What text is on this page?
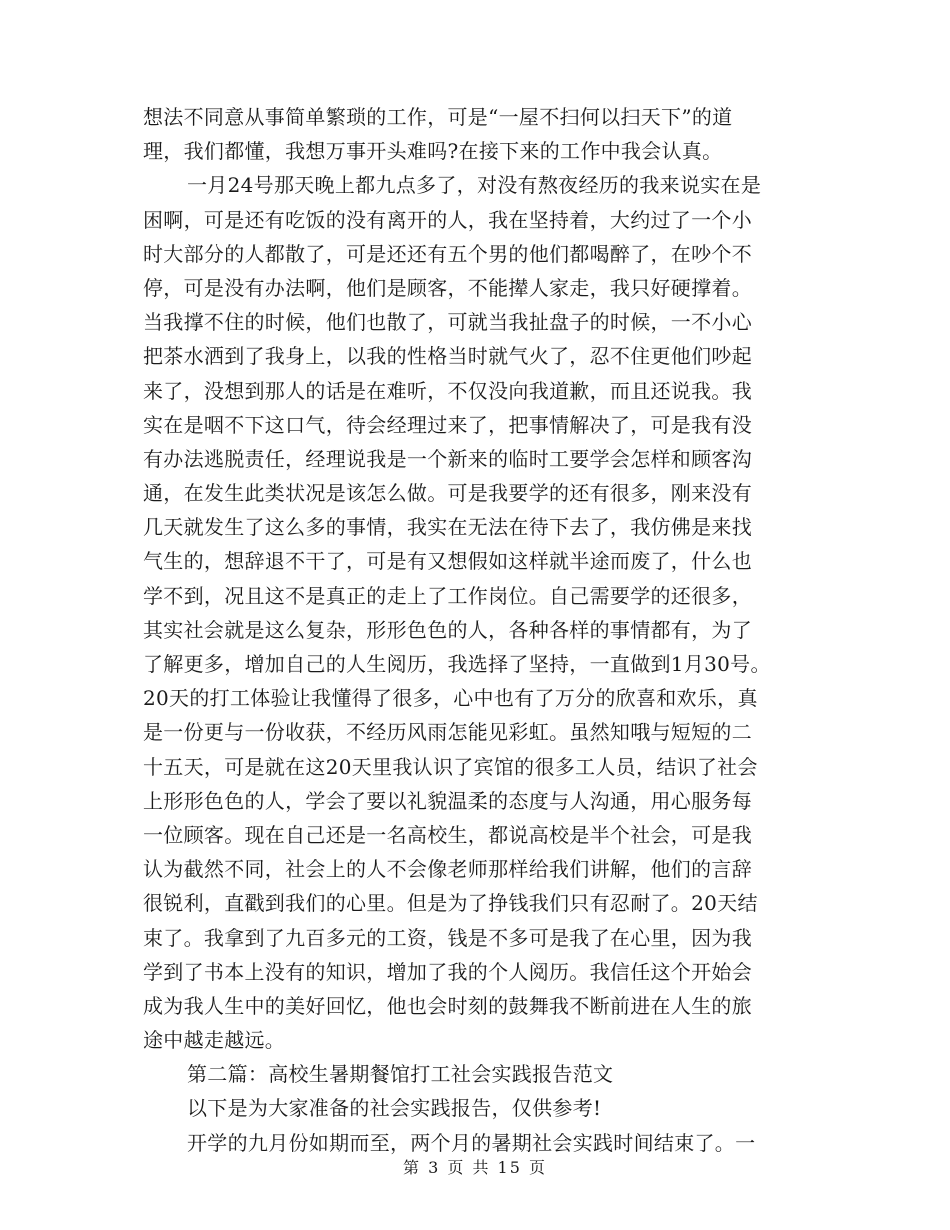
想法不同意从事简单繁琐的工作，可是“一屋不扫何以扫天下”的道
理，我们都懂，我想万事开头难吗?在接下来的工作中我会认真。
一月24号那天晚上都九点多了，对没有熬夜经历的我来说实在是
困啊，可是还有吃饭的没有离开的人，我在坚持着，大约过了一个小
时大部分的人都散了，可是还还有五个男的他们都喝醉了，在吵个不
停，可是没有办法啊，他们是顾客，不能撵人家走，我只好硬撑着。
当我撑不住的时候，他们也散了，可就当我扯盘子的时候，一不小心
把茶水洒到了我身上，以我的性格当时就气火了，忍不住更他们吵起
来了，没想到那人的话是在难听，不仅没向我道歉，而且还说我。我
实在是咽不下这口气，待会经理过来了，把事情解决了，可是我有没
有办法逃脱责任，经理说我是一个新来的临时工要学会怎样和顾客沟
通，在发生此类状况是该怎么做。可是我要学的还有很多，刚来没有
几天就发生了这么多的事情，我实在无法在待下去了，我仿佛是来找
气生的，想辞退不干了，可是有又想假如这样就半途而废了，什么也
学不到，况且这不是真正的走上了工作岗位。自己需要学的还很多，
其实社会就是这么复杂，形形色色的人，各种各样的事情都有，为了
了解更多，增加自己的人生阅历，我选择了坚持，一直做到1月30号。
20天的打工体验让我懂得了很多，心中也有了万分的欣喜和欢乐，真
是一份更与一份收获，不经历风雨怎能见彩虹。虽然知哦与短短的二
十五天，可是就在这20天里我认识了宾馆的很多工人员，结识了社会
上形形色色的人，学会了要以礼貌温柔的态度与人沟通，用心服务每
一位顾客。现在自己还是一名高校生，都说高校是半个社会，可是我
认为截然不同，社会上的人不会像老师那样给我们讲解，他们的言辞
很锐利，直戳到我们的心里。但是为了挣钱我们只有忍耐了。20天结
束了。我拿到了九百多元的工资，钱是不多可是我了在心里，因为我
学到了书本上没有的知识，增加了我的个人阅历。我信任这个开始会
成为我人生中的美好回忆，他也会时刻的鼓舞我不断前进在人生的旅
途中越走越远。
第二篇：高校生暑期餐馆打工社会实践报告范文
以下是为大家准备的社会实践报告，仅供参考!
开学的九月份如期而至，两个月的暑期社会实践时间结束了。一
第 3 页 共 15 页
